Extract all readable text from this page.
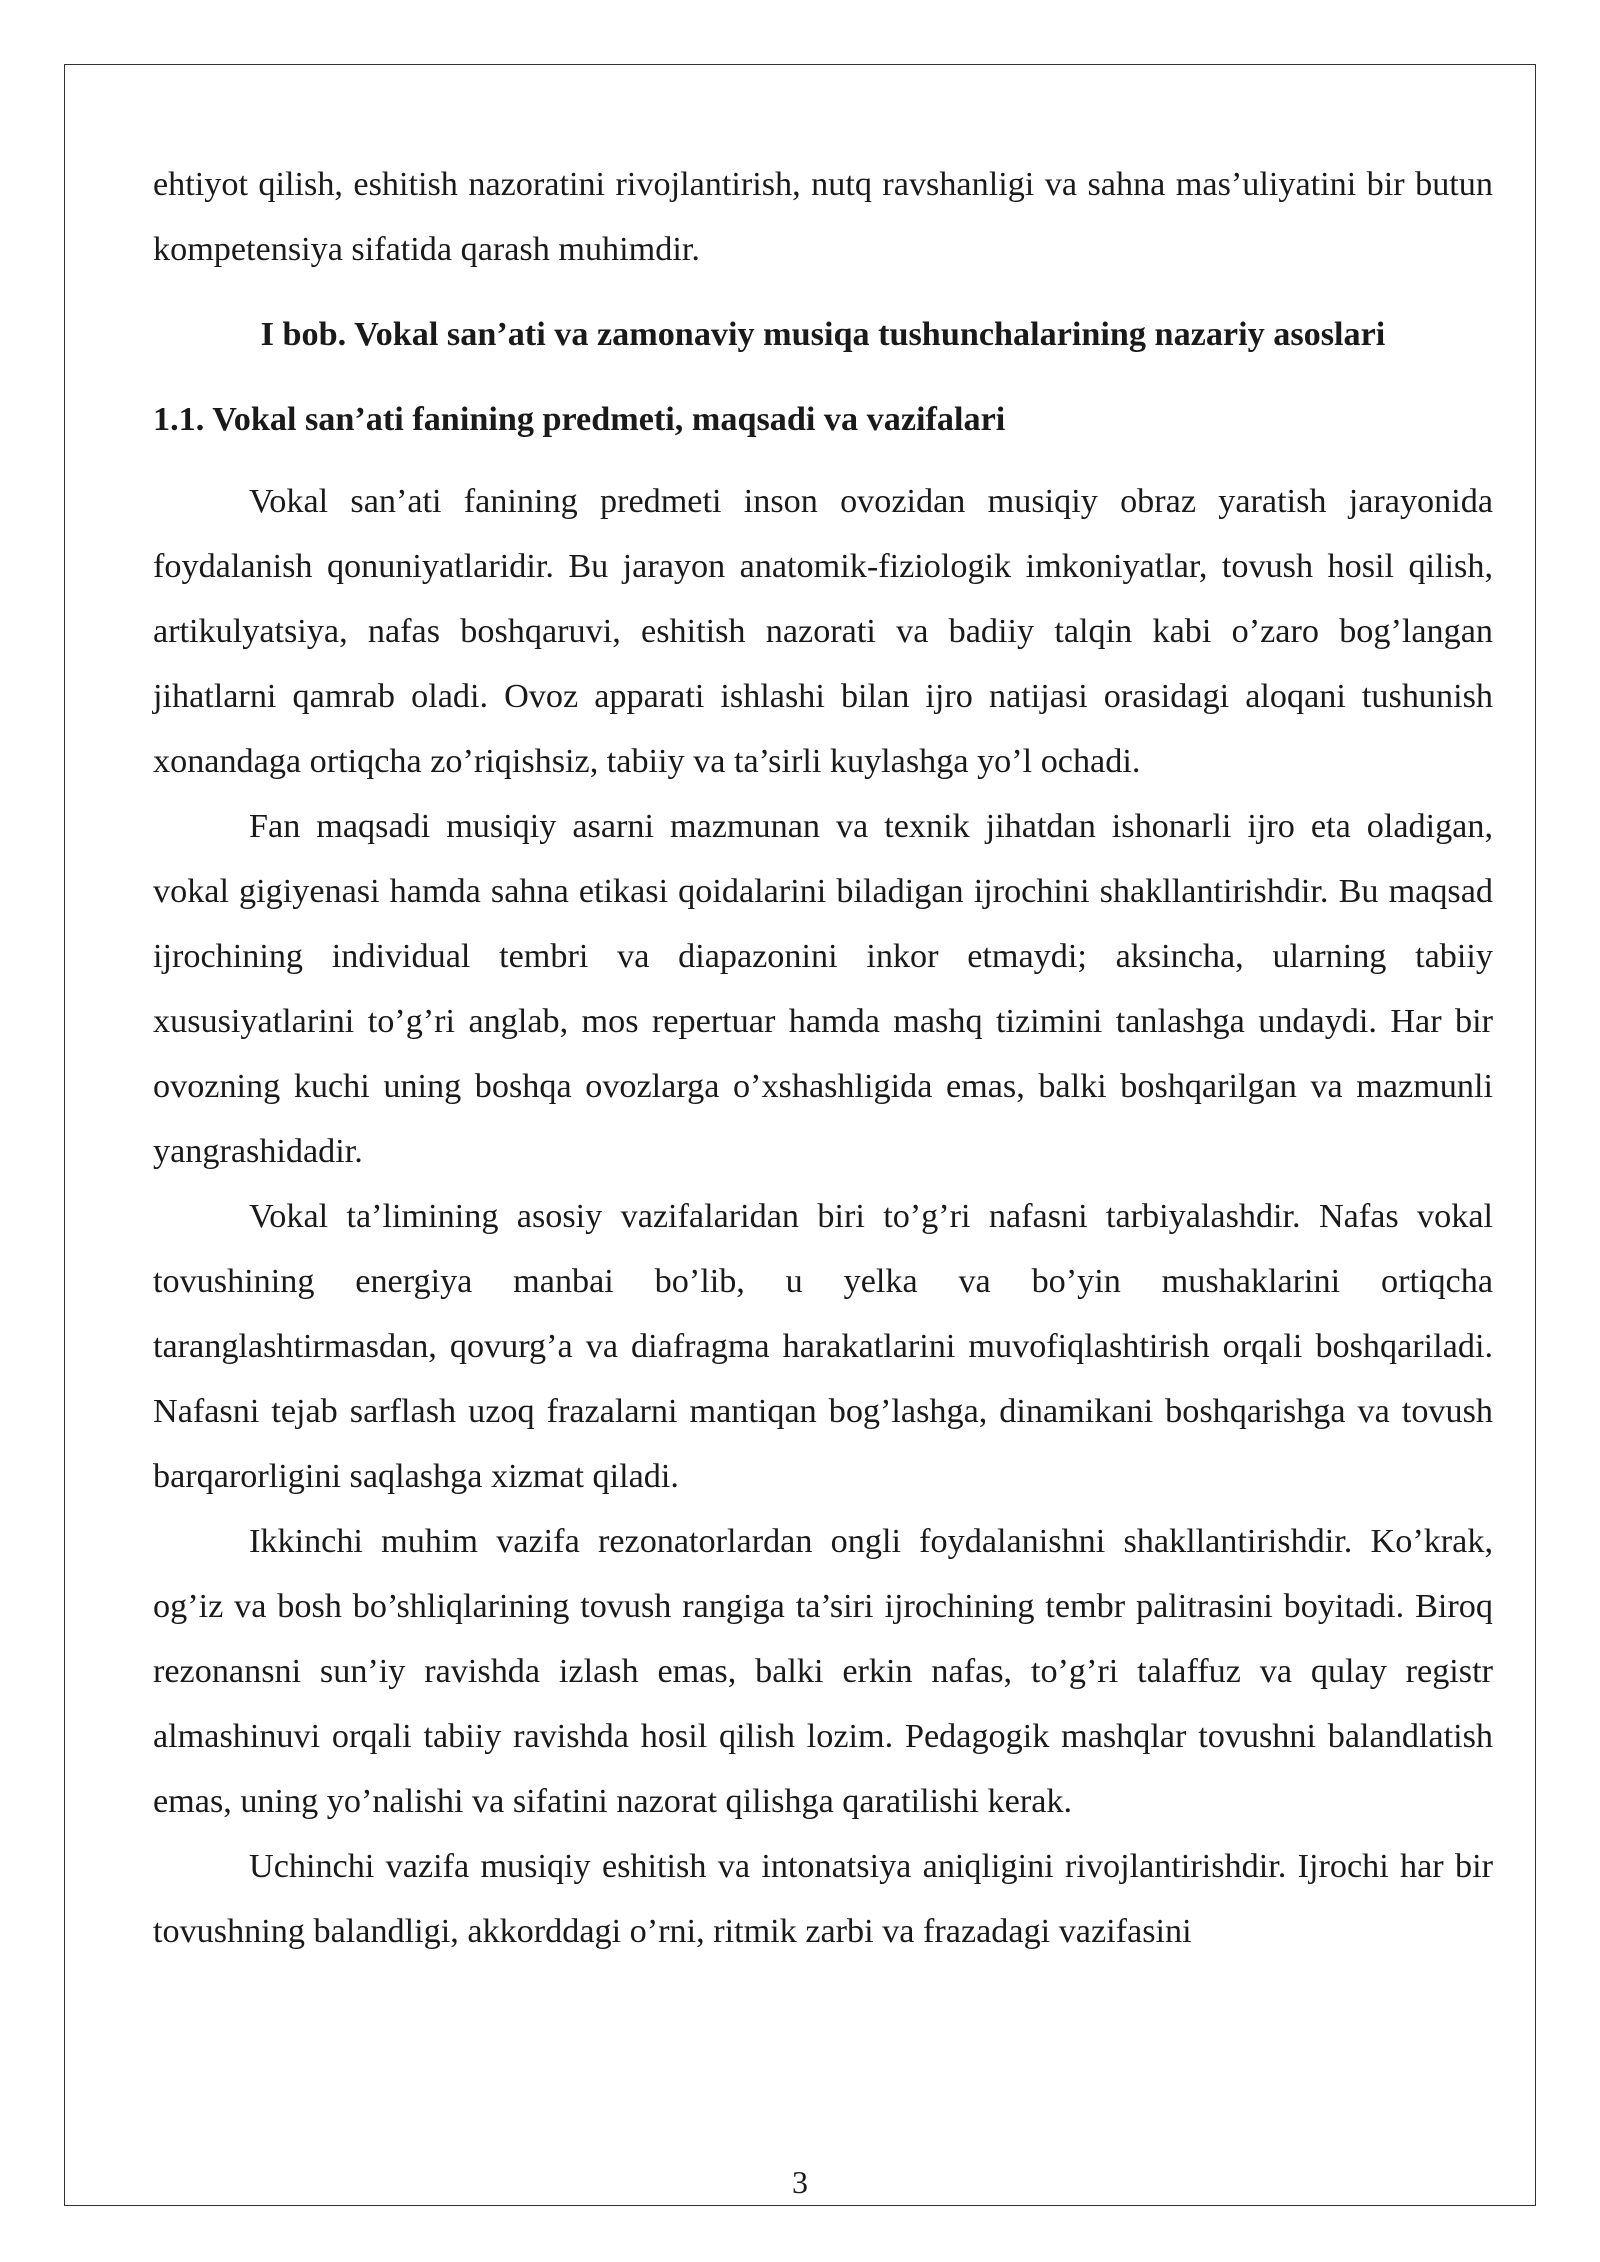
ehtiyot qilish, eshitish nazoratini rivojlantirish, nutq ravshanligi va sahna mas’uliyatini bir butun kompetensiya sifatida qarash muhimdir.

I bob. Vokal san’ati va zamonaviy musiqa tushunchalarining nazariy asoslari
1.1. Vokal san’ati fanining predmeti, maqsadi va vazifalari

Vokal san’ati fanining predmeti inson ovozidan musiqiy obraz yaratish jarayonida foydalanish qonuniyatlaridir. Bu jarayon anatomik-fiziologik imkoniyatlar, tovush hosil qilish, artikulyatsiya, nafas boshqaruvi, eshitish nazorati va badiiy talqin kabi o’zaro bog’langan jihatlarni qamrab oladi. Ovoz apparati ishlashi bilan ijro natijasi orasidagi aloqani tushunish xonandaga ortiqcha zo’riqishsiz, tabiiy va ta’sirli kuylashga yo’l ochadi.

Fan maqsadi musiqiy asarni mazmunan va texnik jihatdan ishonarli ijro eta oladigan, vokal gigiyenasi hamda sahna etikasi qoidalarini biladigan ijrochini shakllantirishdir. Bu maqsad ijrochining individual tembri va diapazonini inkor etmaydi; aksincha, ularning tabiiy xususiyatlarini to’g’ri anglab, mos repertuar hamda mashq tizimini tanlashga undaydi. Har bir ovozning kuchi uning boshqa ovozlarga o’xshashligida emas, balki boshqarilgan va mazmunli yangrashidadir.

Vokal ta’limining asosiy vazifalaridan biri to’g’ri nafasni tarbiyalashdir. Nafas vokal tovushining energiya manbai bo’lib, u yelka va bo’yin mushaklarini ortiqcha taranglashtirmasdan, qovurg’a va diafragma harakatlarini muvofiqlashtirish orqali boshqariladi. Nafasni tejab sarflash uzoq frazalarni mantiqan bog’lashga, dinamikani boshqarishga va tovush barqarorligini saqlashga xizmat qiladi.

Ikkinchi muhim vazifa rezonatorlardan ongli foydalanishni shakllantirishdir. Ko’krak, og’iz va bosh bo’shliqlarining tovush rangiga ta’siri ijrochining tembr palitrasini boyitadi. Biroq rezonansni sun’iy ravishda izlash emas, balki erkin nafas, to’g’ri talaffuz va qulay registr almashinuvi orqali tabiiy ravishda hosil qilish lozim. Pedagogik mashqlar tovushni balandlatish emas, uning yo’nalishi va sifatini nazorat qilishga qaratilishi kerak.

Uchinchi vazifa musiqiy eshitish va intonatsiya aniqligini rivojlantirishdir. Ijrochi har bir tovushning balandligi, akkorddagi o’rni, ritmik zarbi va frazadagi vazifasini

3
